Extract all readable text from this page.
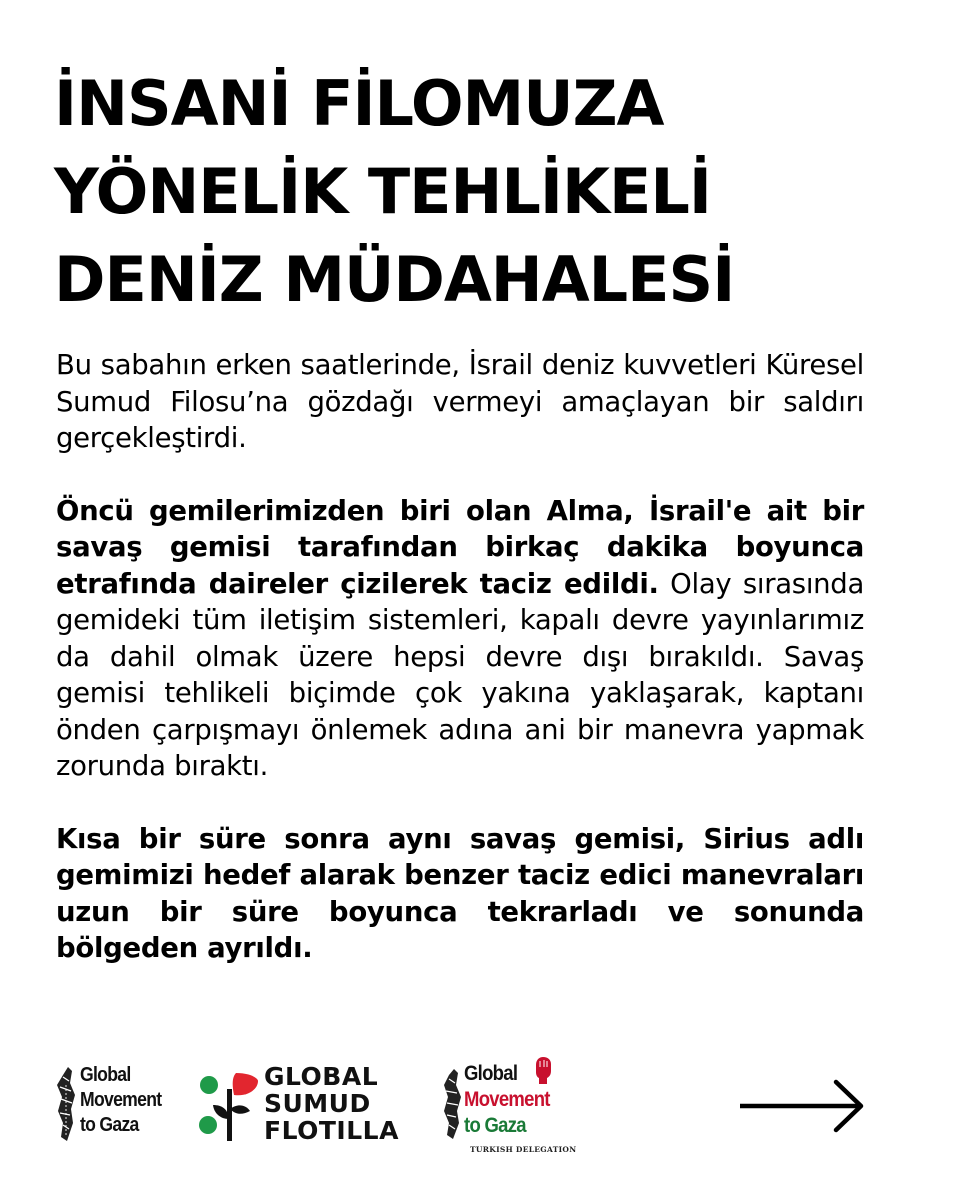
İNSANİ FİLOMUZA
YÖNELİK TEHLİKELİ
DENİZ MÜDAHALESİ

Bu sabahın erken saatlerinde, İsrail deniz kuvvetleri Küresel Sumud Filosu’na gözdağı vermeyi amaçlayan bir saldırı gerçekleştirdi.

Öncü gemilerimizden biri olan Alma, İsrail'e ait bir savaş gemisi tarafından birkaç dakika boyunca etrafında daireler çizilerek taciz edildi. Olay sırasında gemideki tüm iletişim sistemleri, kapalı devre yayınlarımız da dahil olmak üzere hepsi devre dışı bırakıldı. Savaş gemisi tehlikeli biçimde çok yakına yaklaşarak, kaptanı önden çarpışmayı önlemek adına ani bir manevra yapmak zorunda bıraktı.

Kısa bir süre sonra aynı savaş gemisi, Sirius adlı gemimizi hedef alarak benzer taciz edici manevraları uzun bir süre boyunca tekrarladı ve sonunda bölgeden ayrıldı.

Global
Movement
to Gaza
GLOBAL
SUMUD
FLOTILLA
Global
Movement
to Gaza
TURKISH DELEGATION
